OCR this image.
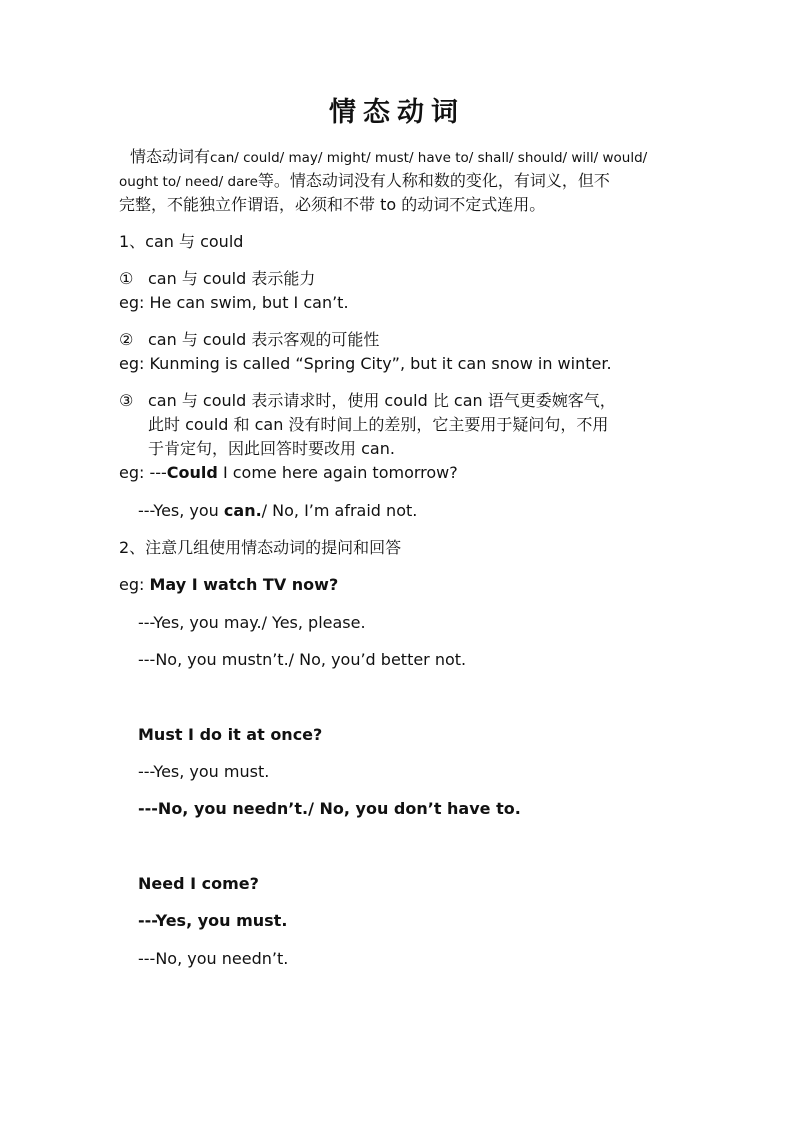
情态动词
情态动词有can/ could/ may/ might/ must/ have to/ shall/ should/ will/ would/
ought to/ need/ dare等。情态动词没有人称和数的变化，有词义，但不
完整，不能独立作谓语，必须和不带 to 的动词不定式连用。
1、can 与 could
① can 与 could 表示能力
eg: He can swim, but I can’t.
② can 与 could 表示客观的可能性
eg: Kunming is called “Spring City”, but it can snow in winter.
③ can 与 could 表示请求时，使用 could 比 can 语气更委婉客气，
此时 could 和 can 没有时间上的差别，它主要用于疑问句，不用
于肯定句，因此回答时要改用 can.
eg: ---Could I come here again tomorrow?
---Yes, you can./ No, I’m afraid not.
2、注意几组使用情态动词的提问和回答
eg: May I watch TV now?
---Yes, you may./ Yes, please.
---No, you mustn’t./ No, you’d better not.
Must I do it at once?
---Yes, you must.
---No, you needn’t./ No, you don’t have to.
Need I come?
---Yes, you must.
---No, you needn’t.
